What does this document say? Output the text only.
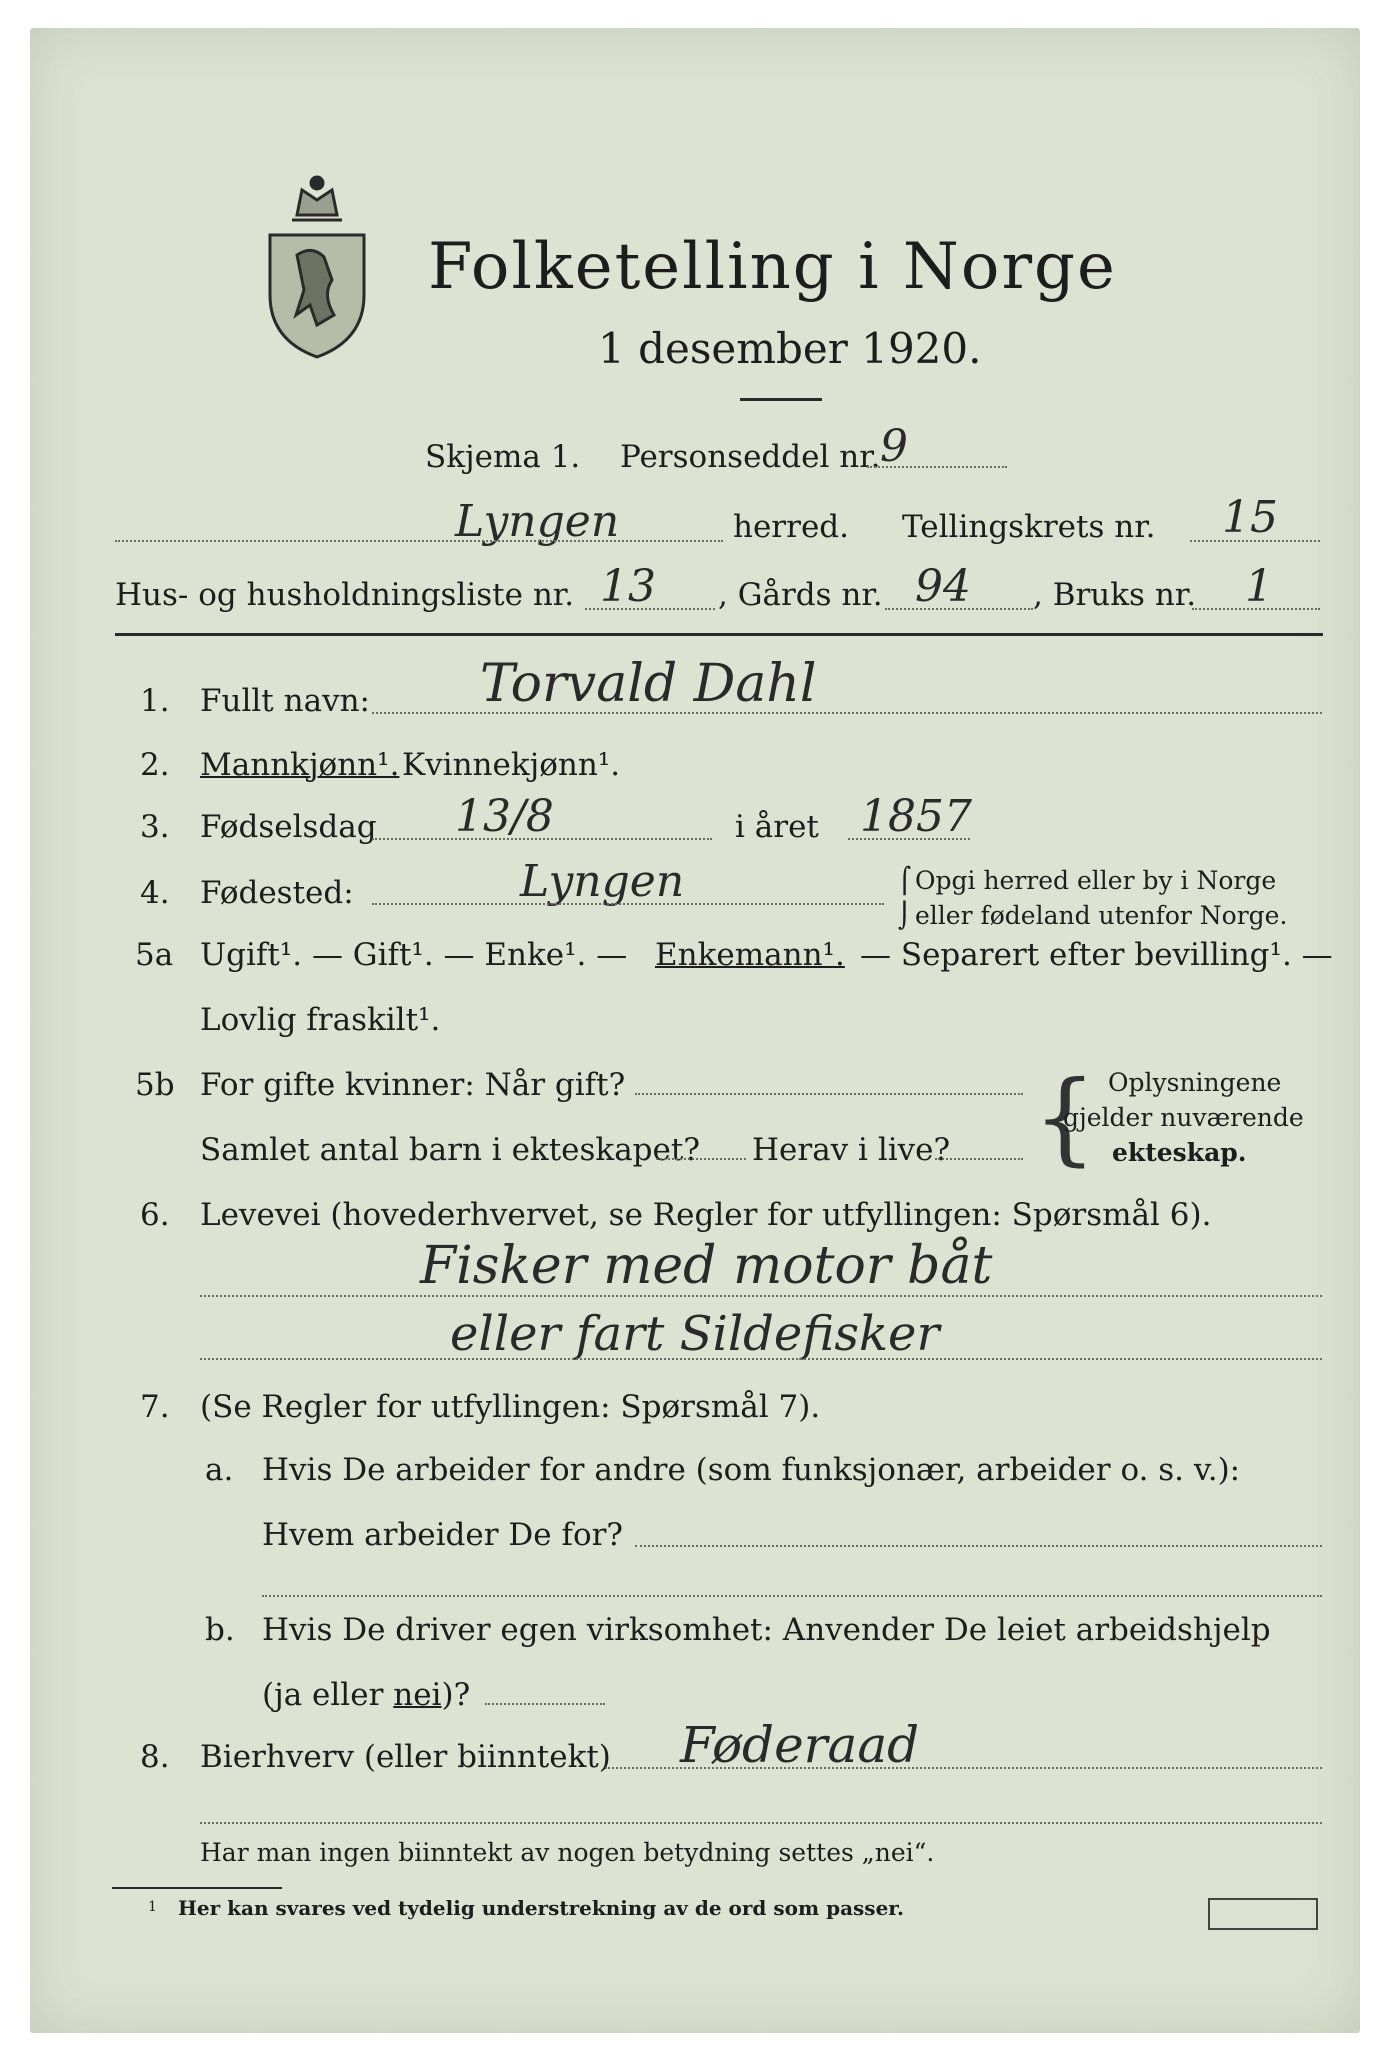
Folketelling i Norge
1 desember 1920.
Skjema 1. Personseddel nr. 9
Lyngen	herred. Tellingskrets nr. 15
Hus- og husholdningsliste nr. 13 , Gårds nr. 94 , Bruks nr. 1
1. Fullt navn: Torvald Dahl
2. Mannkjønn¹. Kvinnekjønn¹.
3. Fødselsdag 13/8	i året 1857
4. Fødested:	Lyngen	Opgi herred eller by i Norge
eller fødeland utenfor Norge.
⌠
⌡
5a Ugift¹. — Gift¹. — Enke¹. — Enkemann¹. — Separert efter bevilling¹. —
Lovlig fraskilt¹.
5b For gifte kvinner: Når gift?
Samlet antal barn i ekteskapet? Herav i live? { Oplysningene
gjelder nuværende
ekteskap.
6. Levevei (hovederhvervet, se Regler for utfyllingen: Spørsmål 6).
Fisker med motor båt
eller fart Sildefisker
7. (Se Regler for utfyllingen: Spørsmål 7).
a. Hvis De arbeider for andre (som funksjonær, arbeider o. s. v.):
Hvem arbeider De for?
b. Hvis De driver egen virksomhet: Anvender De leiet arbeidshjelp
(ja eller nei)?
8. Bierhverv (eller biinntekt) Føderaad
Har man ingen biinntekt av nogen betydning settes „nei“.
1 Her kan svares ved tydelig understrekning av de ord som passer.
